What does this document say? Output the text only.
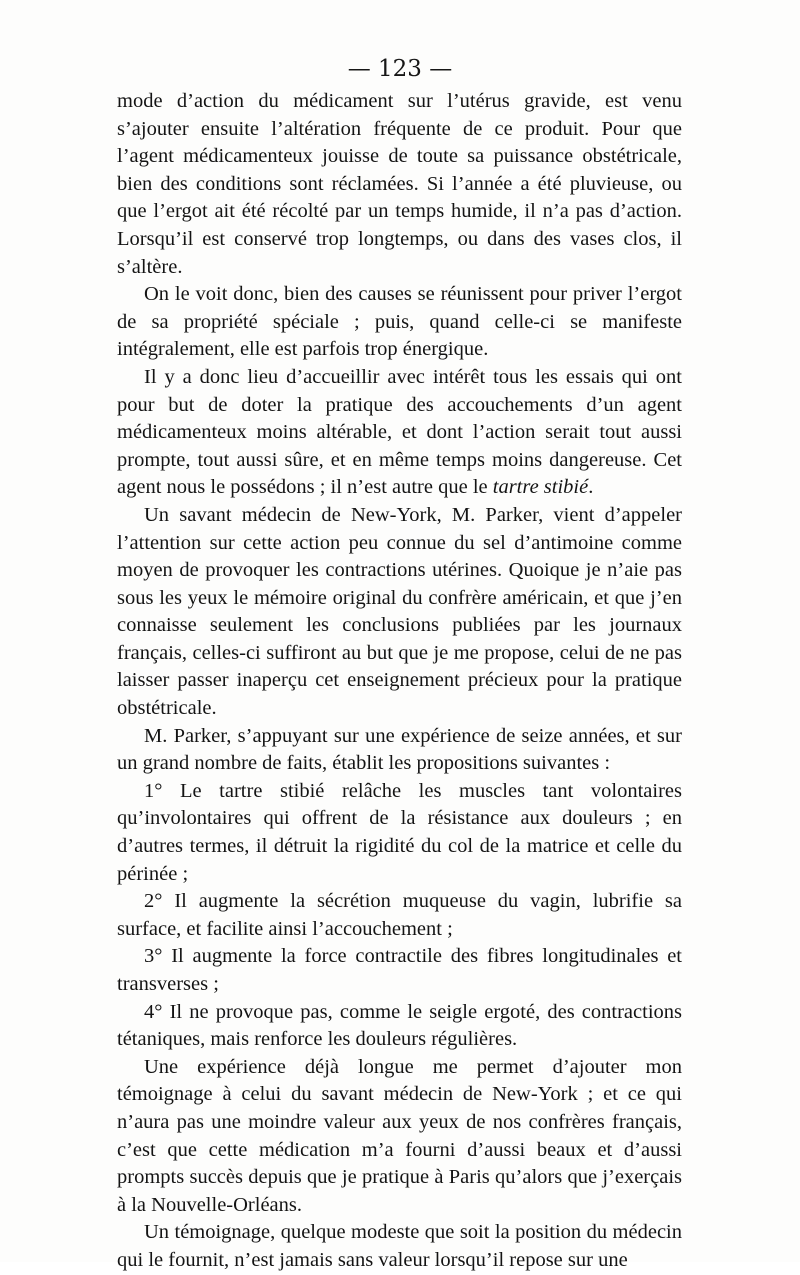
— 123 —

mode d’action du médicament sur l’utérus gravide, est venu s’ajouter ensuite l’altération fréquente de ce produit. Pour que l’agent médicamenteux jouisse de toute sa puissance obstétricale, bien des conditions sont réclamées. Si l’année a été pluvieuse, ou que l’ergot ait été récolté par un temps humide, il n’a pas d’action. Lorsqu’il est conservé trop longtemps, ou dans des vases clos, il s’altère.

On le voit donc, bien des causes se réunissent pour priver l’ergot de sa propriété spéciale ; puis, quand celle-ci se manifeste intégralement, elle est parfois trop énergique.

Il y a donc lieu d’accueillir avec intérêt tous les essais qui ont pour but de doter la pratique des accouchements d’un agent médicamenteux moins altérable, et dont l’action serait tout aussi prompte, tout aussi sûre, et en même temps moins dangereuse. Cet agent nous le possédons ; il n’est autre que le tartre stibié.

Un savant médecin de New-York, M. Parker, vient d’appeler l’attention sur cette action peu connue du sel d’antimoine comme moyen de provoquer les contractions utérines. Quoique je n’aie pas sous les yeux le mémoire original du confrère américain, et que j’en connaisse seulement les conclusions publiées par les journaux français, celles-ci suffiront au but que je me propose, celui de ne pas laisser passer inaperçu cet enseignement précieux pour la pratique obstétricale.

M. Parker, s’appuyant sur une expérience de seize années, et sur un grand nombre de faits, établit les propositions suivantes :

1° Le tartre stibié relâche les muscles tant volontaires qu’involontaires qui offrent de la résistance aux douleurs ; en d’autres termes, il détruit la rigidité du col de la matrice et celle du périnée ;

2° Il augmente la sécrétion muqueuse du vagin, lubrifie sa surface, et facilite ainsi l’accouchement ;

3° Il augmente la force contractile des fibres longitudinales et transverses ;

4° Il ne provoque pas, comme le seigle ergoté, des contractions tétaniques, mais renforce les douleurs régulières.

Une expérience déjà longue me permet d’ajouter mon témoignage à celui du savant médecin de New-York ; et ce qui n’aura pas une moindre valeur aux yeux de nos confrères français, c’est que cette médication m’a fourni d’aussi beaux et d’aussi prompts succès depuis que je pratique à Paris qu’alors que j’exerçais à la Nouvelle-Orléans.

Un témoignage, quelque modeste que soit la position du médecin qui le fournit, n’est jamais sans valeur lorsqu’il repose sur une
